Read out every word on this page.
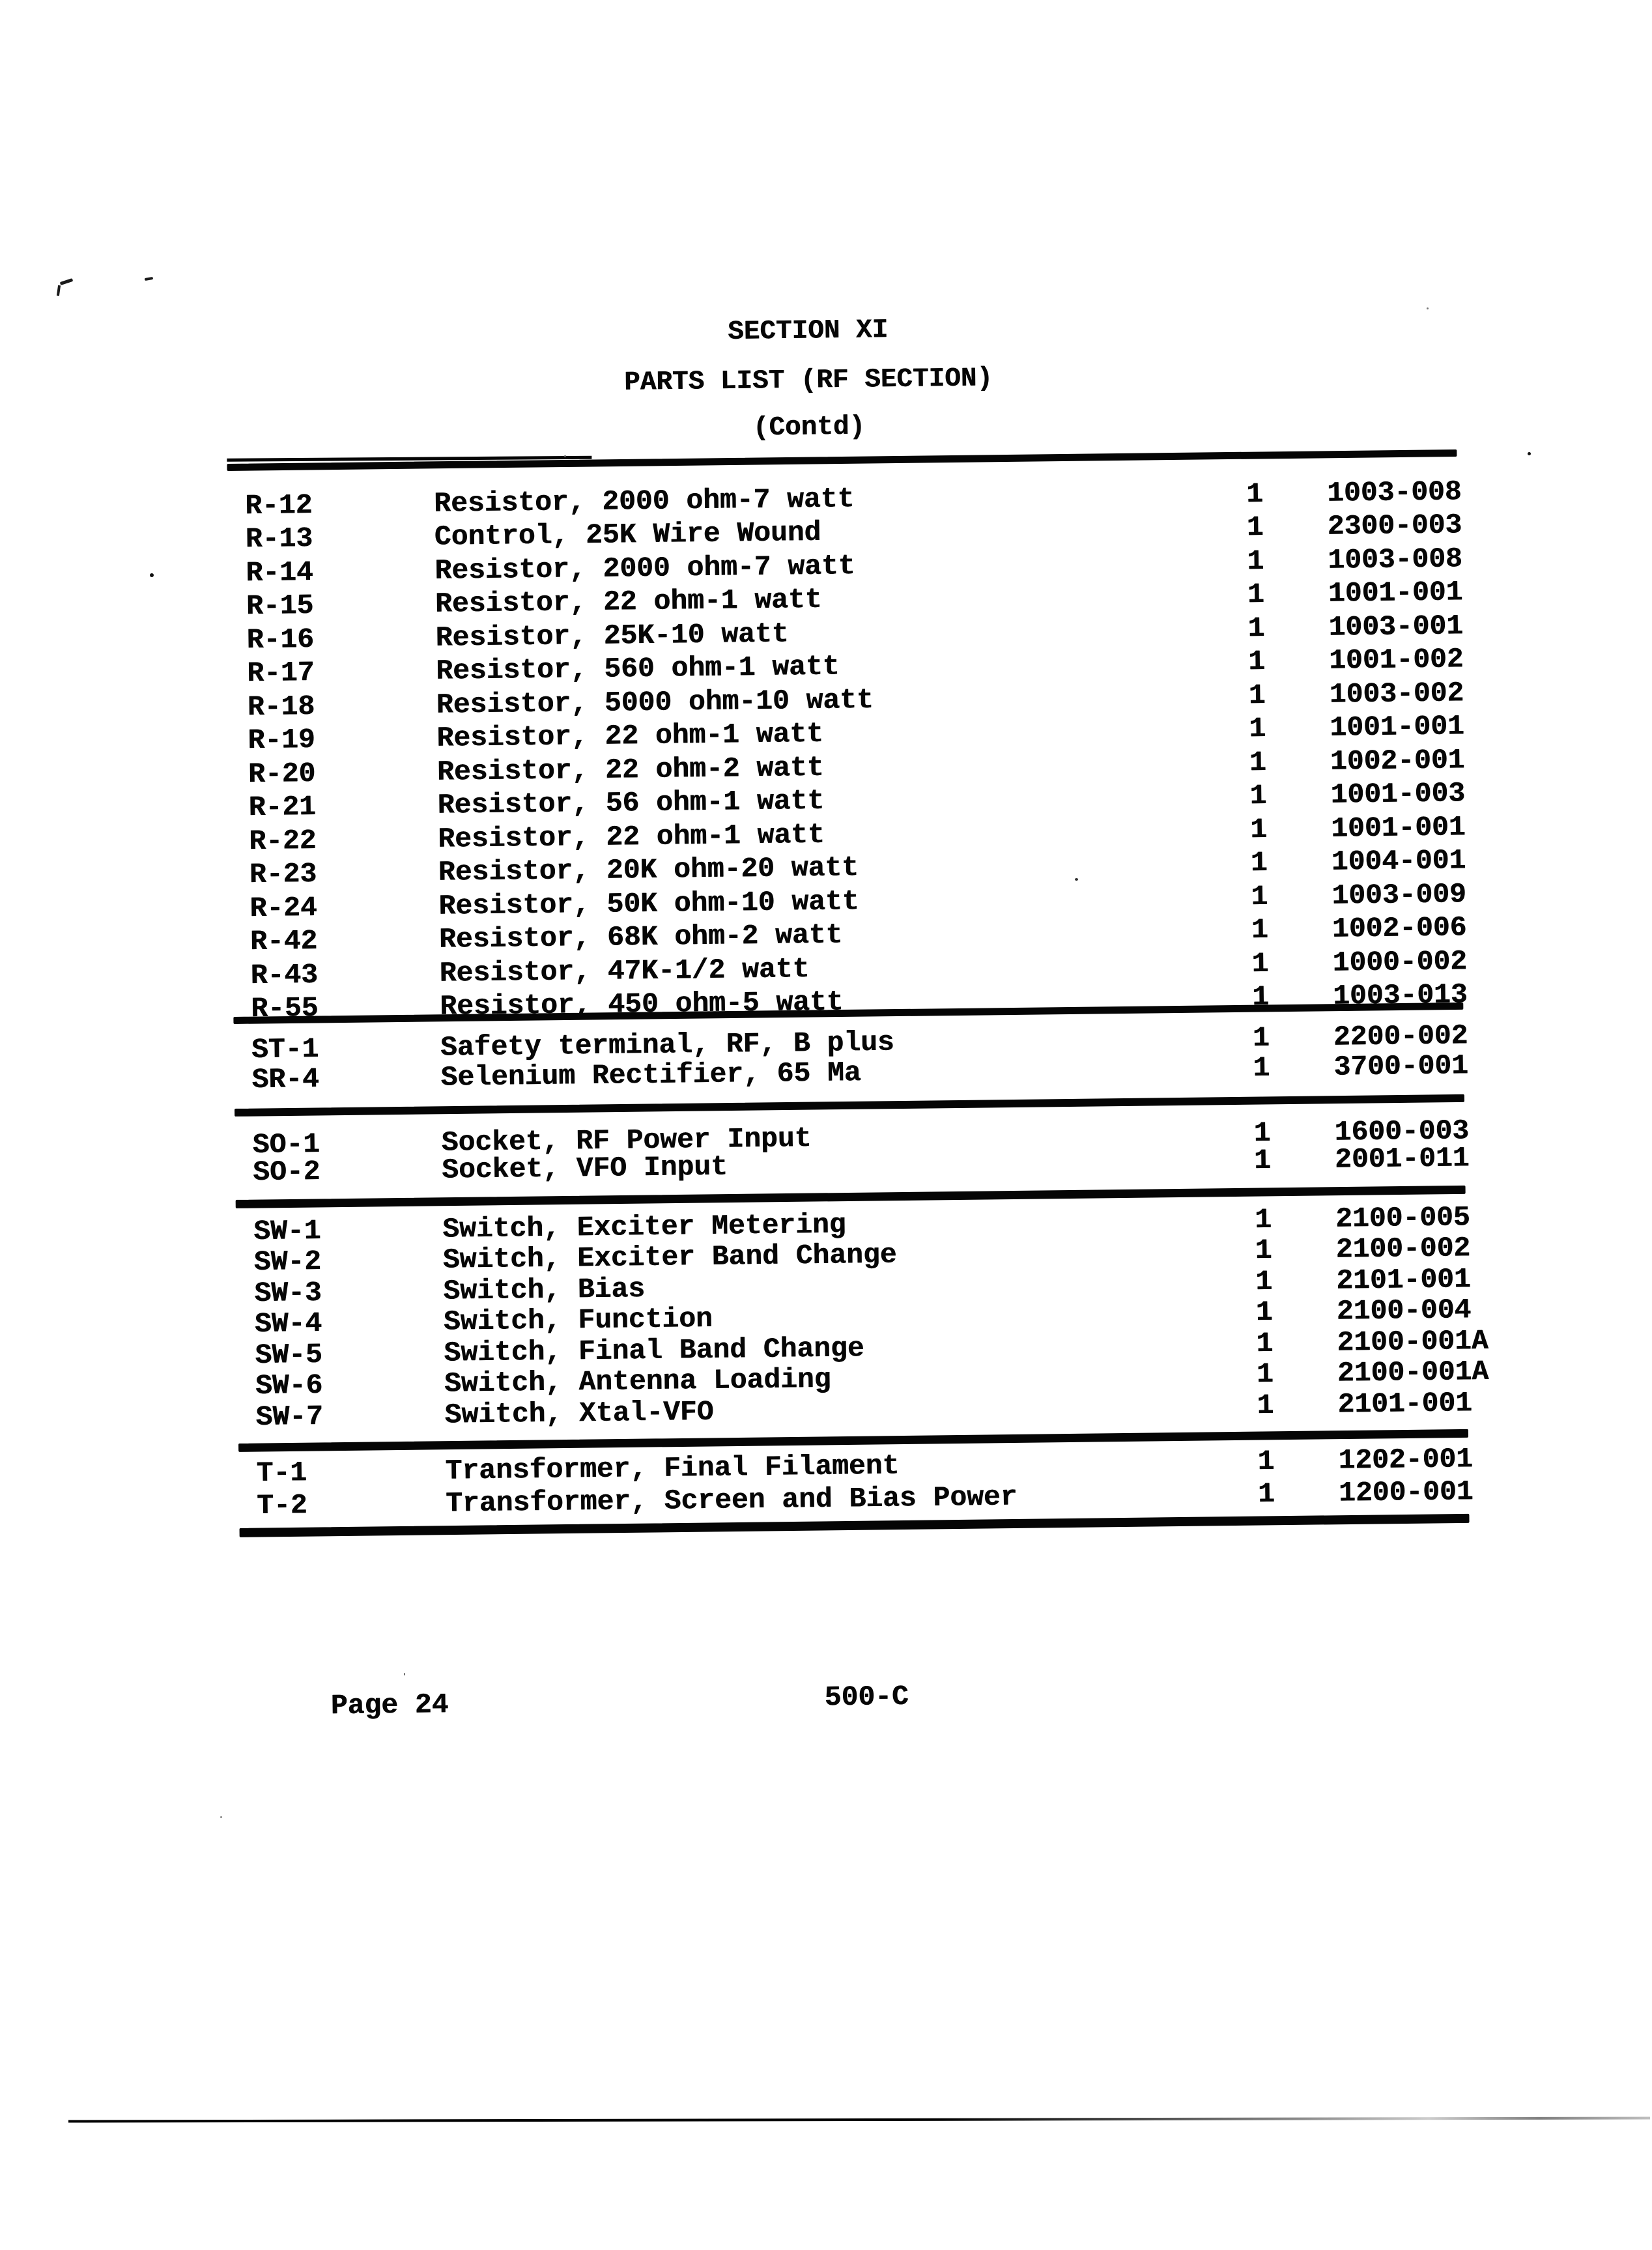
SECTION XI
PARTS LIST (RF SECTION)
(Contd)
R-12	Resistor, 2000 ohm-7 watt	1 1003-008
R-13	Control, 25K Wire Wound	1 2300-003
R-14	Resistor, 2000 ohm-7 watt	1 1003-008
R-15	Resistor, 22 ohm-1 watt	1 1001-001
R-16	Resistor, 25K-10 watt	1 1003-001
R-17	Resistor, 560 ohm-1 watt	1 1001-002
R-18	Resistor, 5000 ohm-10 watt	1 1003-002
R-19	Resistor, 22 ohm-1 watt	1 1001-001
R-20	Resistor, 22 ohm-2 watt	1 1002-001
R-21	Resistor, 56 ohm-1 watt	1 1001-003
R-22	Resistor, 22 ohm-1 watt	1 1001-001
R-23	Resistor, 20K ohm-20 watt	1 1004-001
R-24	Resistor, 50K ohm-10 watt	1 1003-009
R-42	Resistor, 68K ohm-2 watt	1 1002-006
R-43	Resistor, 47K-1/2 watt	1 1000-002
R-55	Resistor, 450 ohm-5 watt	1 1003-013
ST-1	Safety terminal, RF, B plus	1 2200-002
SR-4	Selenium Rectifier, 65 Ma	1 3700-001
SO-1	Socket, RF Power Input	1 1600-003
SO-2	Socket, VFO Input	1 2001-011
SW-1	Switch, Exciter Metering	1 2100-005
SW-2	Switch, Exciter Band Change	1 2100-002
SW-3	Switch, Bias	1 2101-001
SW-4	Switch, Function	1 2100-004
SW-5	Switch, Final Band Change	1 2100-001A
SW-6	Switch, Antenna Loading	1 2100-001A
SW-7	Switch, Xtal-VFO	1 2101-001
T-1	Transformer, Final Filament	1 1202-001
T-2	Transformer, Screen and Bias Power	1 1200-001
Page 24	500-C
